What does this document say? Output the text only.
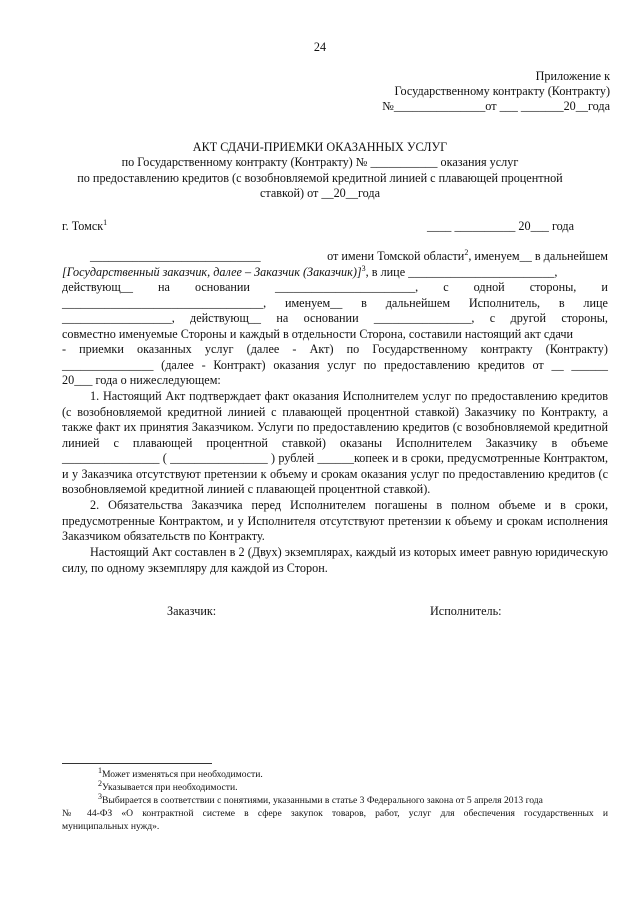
24
Приложение к
Государственному контракту (Контракту)
№_______________от ___ _______20__года
АКТ СДАЧИ-ПРИЕМКИ ОКАЗАННЫХ УСЛУГ
по Государственному контракту (Контракту) № ___________ оказания услуг
по предоставлению кредитов (с возобновляемой кредитной линией с плавающей процентной
ставкой) от __20__года
г. Томск$^1$	____ __________ 20___ года
____________________________	от имени Томской области$^2$, именуем__ в дальнейшем
[Государственный заказчик, далее – Заказчик (Заказчик)]$^3$, в лице ________________________,
действующ__ на основании _______________________, с одной стороны, и
_________________________________, именуем__ в дальнейшем Исполнитель, в лице
__________________, действующ__ на основании ________________, с другой стороны,
совместно именуемые Стороны и каждый в отдельности Сторона, составили настоящий акт сдачи
- приемки оказанных услуг (далее - Акт) по Государственному контракту (Контракту)
_______________ (далее - Контракт) оказания услуг по предоставлению кредитов от __ ______
20___ года о нижеследующем:
1. Настоящий Акт подтверждает факт оказания Исполнителем услуг по предоставлению кредитов (с возобновляемой кредитной линией с плавающей процентной ставкой) Заказчику по Контракту, а также факт их принятия Заказчиком. Услуги по предоставлению кредитов (с возобновляемой кредитной линией с плавающей процентной ставкой) оказаны Исполнителем Заказчику в объеме ________________ ( ________________ ) рублей ______копеек и в сроки, предусмотренные Контрактом, и у Заказчика отсутствуют претензии к объему и срокам оказания услуг по предоставлению кредитов (с возобновляемой кредитной линией с плавающей процентной ставкой).
2. Обязательства Заказчика перед Исполнителем погашены в полном объеме и в сроки, предусмотренные Контрактом, и у Исполнителя отсутствуют претензии к объему и срокам исполнения Заказчиком обязательств по Контракту.
Настоящий Акт составлен в 2 (Двух) экземплярах, каждый из которых имеет равную юридическую силу, по одному экземпляру для каждой из Сторон.
Заказчик:	Исполнитель:
$^1$Может изменяться при необходимости.
$^2$Указывается при необходимости.
$^3$Выбирается в соответствии с понятиями, указанными в статье 3 Федерального закона от 5 апреля 2013 года
№ 44-ФЗ «О контрактной системе в сфере закупок товаров, работ, услуг для обеспечения государственных и
муниципальных нужд».
